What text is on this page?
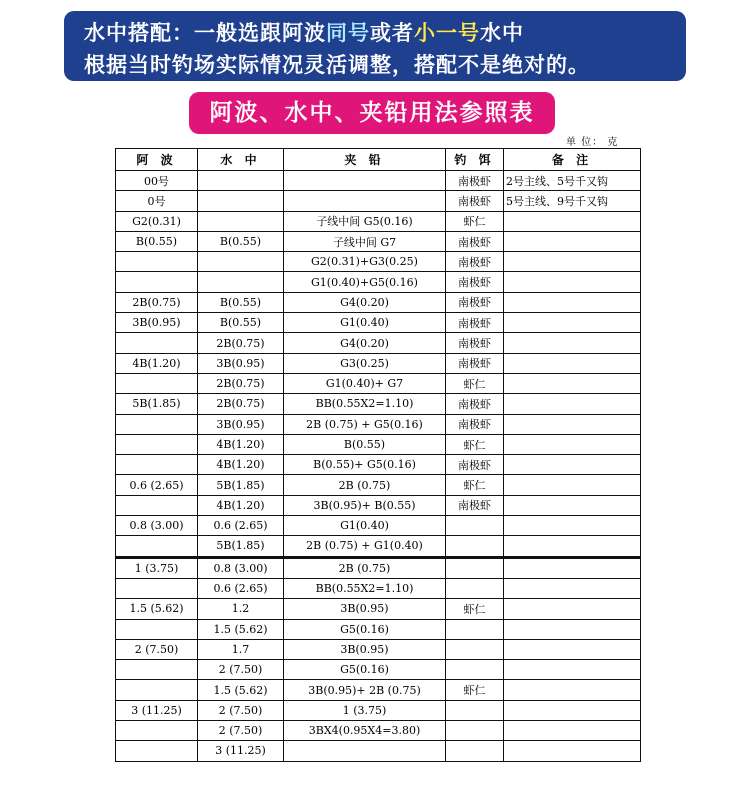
水中搭配：一般选跟阿波同号或者小一号水中
根据当时钓场实际情况灵活调整，搭配不是绝对的。
阿波、水中、夹铅用法参照表
单 位： 克
阿 波	水 中	夹 铅	钓 饵	备 注
00号			南极虾	2号主线、5号千又钩
0号			南极虾	5号主线、9号千又钩
G2(0.31)		子线中间 G5(0.16)	虾仁	
B(0.55)	B(0.55)	子线中间 G7	南极虾	
		G2(0.31)+G3(0.25)	南极虾	
		G1(0.40)+G5(0.16)	南极虾	
2B(0.75)	B(0.55)	G4(0.20)	南极虾	
3B(0.95)	B(0.55)	G1(0.40)	南极虾	
	2B(0.75)	G4(0.20)	南极虾	
4B(1.20)	3B(0.95)	G3(0.25)	南极虾	
	2B(0.75)	G1(0.40)+ G7	虾仁	
5B(1.85)	2B(0.75)	BB(0.55X2=1.10)	南极虾	
	3B(0.95)	2B (0.75) + G5(0.16)	南极虾	
	4B(1.20)	B(0.55)	虾仁	
	4B(1.20)	B(0.55)+ G5(0.16)	南极虾	
0.6 (2.65)	5B(1.85)	2B (0.75)	虾仁	
	4B(1.20)	3B(0.95)+ B(0.55)	南极虾	
0.8 (3.00)	0.6 (2.65)	G1(0.40)		
	5B(1.85)	2B (0.75) + G1(0.40)		
1 (3.75)	0.8 (3.00)	2B (0.75)		
	0.6 (2.65)	BB(0.55X2=1.10)		
1.5 (5.62)	1.2	3B(0.95)	虾仁	
	1.5 (5.62)	G5(0.16)		
2 (7.50)	1.7	3B(0.95)		
	2 (7.50)	G5(0.16)		
	1.5 (5.62)	3B(0.95)+ 2B (0.75)	虾仁	
3 (11.25)	2 (7.50)	1 (3.75)		
	2 (7.50)	3BX4(0.95X4=3.80)		
	3 (11.25)			
